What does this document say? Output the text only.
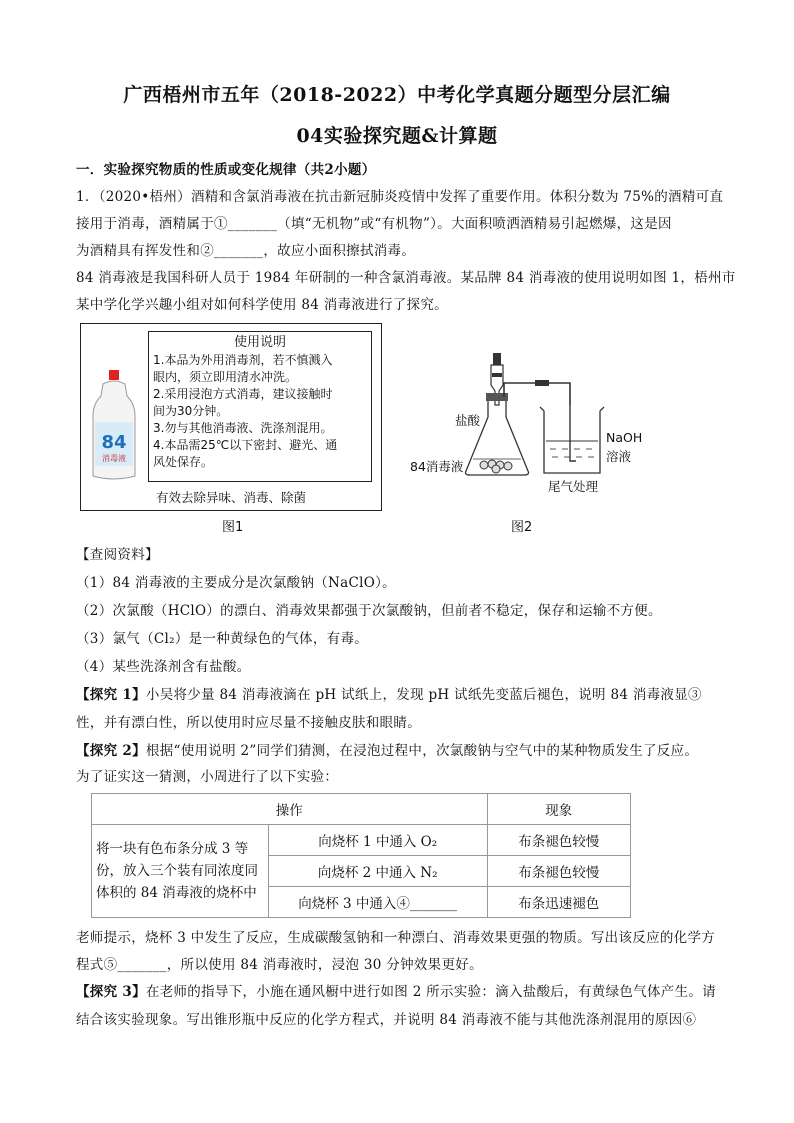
广西梧州市五年（2018-2022）中考化学真题分题型分层汇编
04实验探究题&计算题
一．实验探究物质的性质或变化规律（共2小题）
1．（2020•梧州）酒精和含氯消毒液在抗击新冠肺炎疫情中发挥了重要作用。体积分数为 75%的酒精可直
接用于消毒，酒精属于①_______（填“无机物”或“有机物”）。大面积喷洒酒精易引起燃爆，这是因
为酒精具有挥发性和②_______，故应小面积擦拭消毒。
84 消毒液是我国科研人员于 1984 年研制的一种含氯消毒液。某品牌 84 消毒液的使用说明如图 1，梧州市
某中学化学兴趣小组对如何科学使用 84 消毒液进行了探究。
84
消毒液
使用说明
1.本品为外用消毒剂，若不慎溅入
眼内，须立即用清水冲洗。
2.采用浸泡方式消毒，建议接触时
间为30分钟。
3.勿与其他消毒液、洗涤剂混用。
4.本品需25℃以下密封、避光、通
风处保存。
有效去除异味、消毒、除菌
图1
盐酸
84消毒液
NaOH
溶液
尾气处理
图2
【查阅资料】
（1）84 消毒液的主要成分是次氯酸钠（NaClO）。
（2）次氯酸（HClO）的漂白、消毒效果都强于次氯酸钠，但前者不稳定，保存和运输不方便。
（3）氯气（Cl₂）是一种黄绿色的气体，有毒。
（4）某些洗涤剂含有盐酸。
【探究 1】小吴将少量 84 消毒液滴在 pH 试纸上，发现 pH 试纸先变蓝后褪色，说明 84 消毒液显③
性，并有漂白性，所以使用时应尽量不接触皮肤和眼睛。
【探究 2】根据“使用说明 2”同学们猜测，在浸泡过程中，次氯酸钠与空气中的某种物质发生了反应。
为了证实这一猜测，小周进行了以下实验：
操作		现象
将一块有色布条分成 3 等份，放入三个装有同浓度同体积的 84 消毒液的烧杯中	向烧杯 1 中通入 O₂	布条褪色较慢
	向烧杯 2 中通入 N₂	布条褪色较慢
	向烧杯 3 中通入④_______	布条迅速褪色
老师提示，烧杯 3 中发生了反应，生成碳酸氢钠和一种漂白、消毒效果更强的物质。写出该反应的化学方
程式⑤_______，所以使用 84 消毒液时，浸泡 30 分钟效果更好。
【探究 3】在老师的指导下，小施在通风橱中进行如图 2 所示实验：滴入盐酸后，有黄绿色气体产生。请
结合该实验现象。写出锥形瓶中反应的化学方程式，并说明 84 消毒液不能与其他洗涤剂混用的原因⑥
